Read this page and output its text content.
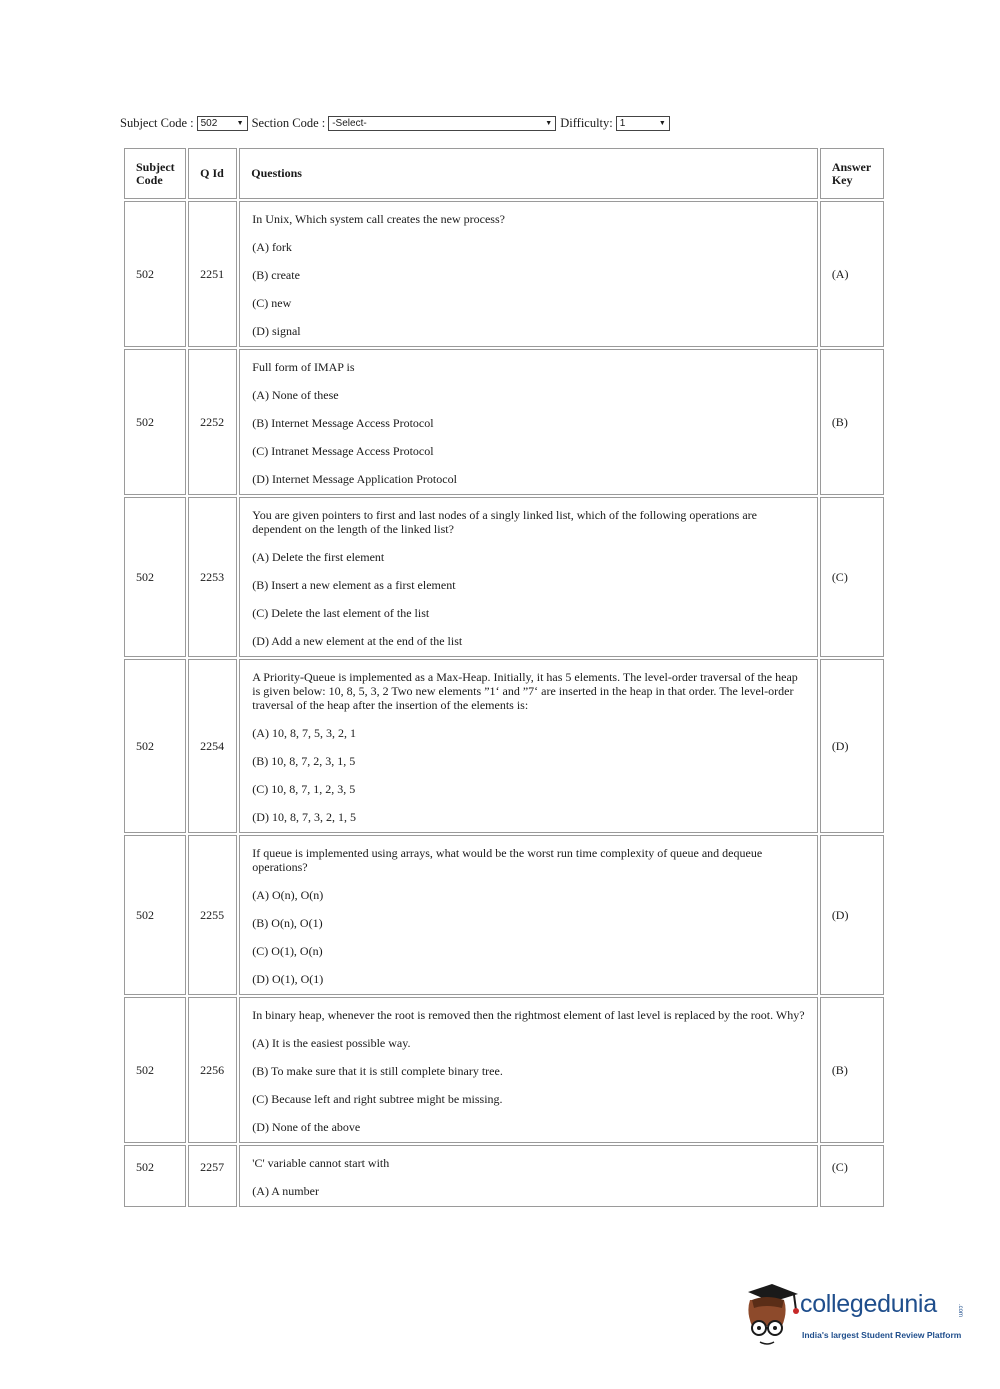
Subject Code : 502	▼ Section Code : -Select-	▼ Difficulty: 1	▼
Subject Code	Q Id	Questions	Answer Key
502	2251	In Unix, Which system call creates the new process?

(A) fork

(B) create

(C) new

(D) signal	(A)
502	2252	Full form of IMAP is

(A) None of these

(B) Internet Message Access Protocol

(C) Intranet Message Access Protocol

(D) Internet Message Application Protocol	(B)
502	2253	You are given pointers to first and last nodes of a singly linked list, which of the following operations are dependent on the length of the linked list?

(A) Delete the first element

(B) Insert a new element as a first element

(C) Delete the last element of the list

(D) Add a new element at the end of the list	(C)
502	2254	A Priority-Queue is implemented as a Max-Heap. Initially, it has 5 elements. The level-order traversal of the heap is given below: 10, 8, 5, 3, 2 Two new elements ”1‘ and ”7‘ are inserted in the heap in that order. The level-order traversal of the heap after the insertion of the elements is:

(A) 10, 8, 7, 5, 3, 2, 1

(B) 10, 8, 7, 2, 3, 1, 5

(C) 10, 8, 7, 1, 2, 3, 5

(D) 10, 8, 7, 3, 2, 1, 5	(D)
502	2255	If queue is implemented using arrays, what would be the worst run time complexity of queue and dequeue operations?

(A) O(n), O(n)

(B) O(n), O(1)

(C) O(1), O(n)

(D) O(1), O(1)	(D)
502	2256	In binary heap, whenever the root is removed then the rightmost element of last level is replaced by the root. Why?

(A) It is the easiest possible way.

(B) To make sure that it is still complete binary tree.

(C) Because left and right subtree might be missing.

(D) None of the above	(B)
502	2257	'C' variable cannot start with

(A) A number	(C)
collegedunia	.com
India's largest Student Review Platform
